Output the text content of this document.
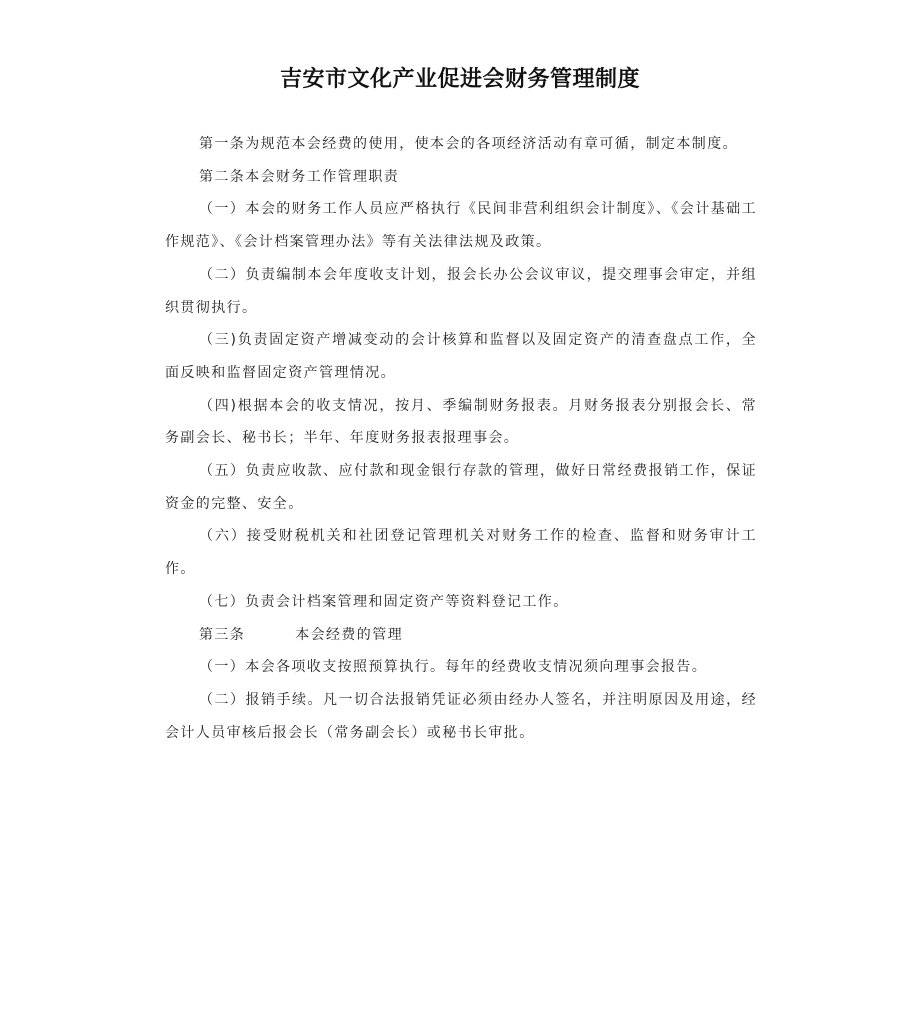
吉安市文化产业促进会财务管理制度

第一条为规范本会经费的使用，使本会的各项经济活动有章可循，制定本制度。

第二条本会财务工作管理职责

（一）本会的财务工作人员应严格执行《民间非营利组织会计制度》、《会计基础工作规范》、《会计档案管理办法》等有关法律法规及政策。

（二）负责编制本会年度收支计划，报会长办公会议审议，提交理事会审定，并组织贯彻执行。

（三)负责固定资产增减变动的会计核算和监督以及固定资产的清查盘点工作，全面反映和监督固定资产管理情况。

（四)根据本会的收支情况，按月、季编制财务报表。月财务报表分别报会长、常务副会长、秘书长；半年、年度财务报表报理事会。

（五）负责应收款、应付款和现金银行存款的管理，做好日常经费报销工作，保证资金的完整、安全。

（六）接受财税机关和社团登记管理机关对财务工作的检查、监督和财务审计工作。

（七）负责会计档案管理和固定资产等资料登记工作。

第三条	本会经费的管理

（一）本会各项收支按照预算执行。每年的经费收支情况须向理事会报告。

（二）报销手续。凡一切合法报销凭证必须由经办人签名，并注明原因及用途，经会计人员审核后报会长（常务副会长）或秘书长审批。
